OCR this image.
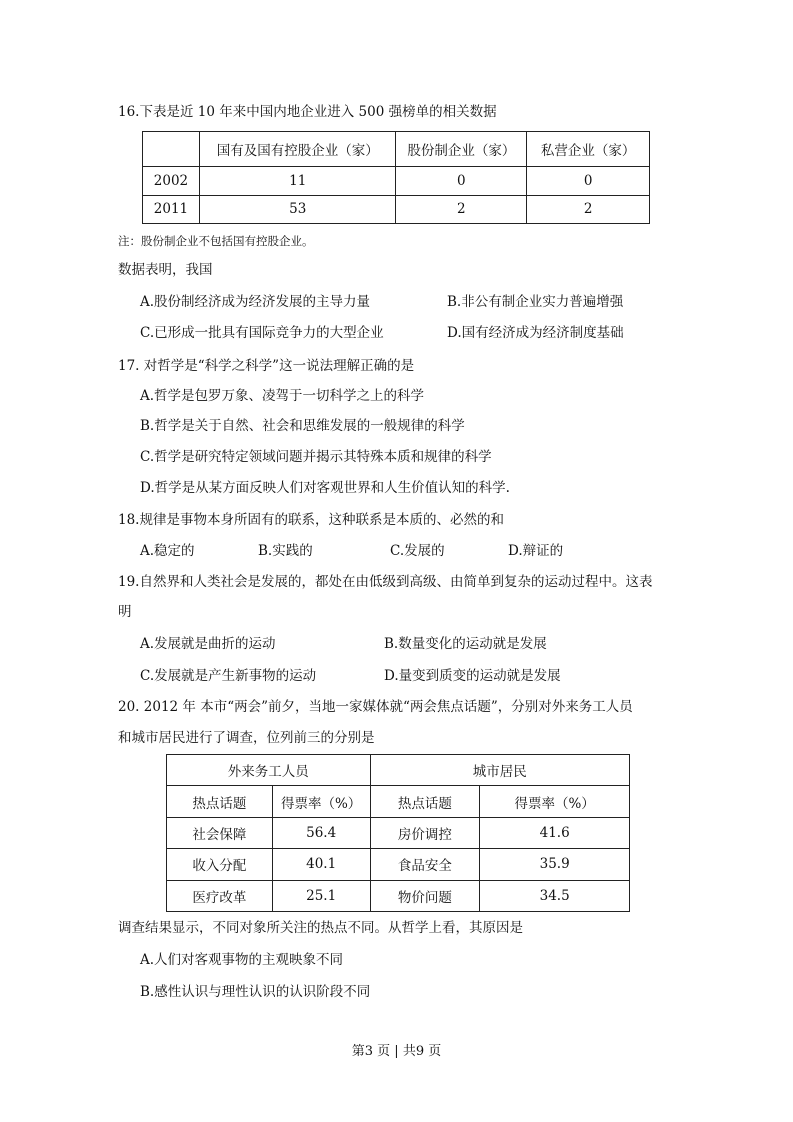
16.下表是近 10 年来中国内地企业进入 500 强榜单的相关数据
	国有及国有控股企业（家）	股份制企业（家）	私营企业（家）
2002	11	0	0
2011	53	2	2
注：股份制企业不包括国有控股企业。
数据表明，我国
A.股份制经济成为经济发展的主导力量	B.非公有制企业实力普遍增强
C.已形成一批具有国际竞争力的大型企业	D.国有经济成为经济制度基础
17. 对哲学是“科学之科学”这一说法理解正确的是
A.哲学是包罗万象、凌驾于一切科学之上的科学
B.哲学是关于自然、社会和思维发展的一般规律的科学
C.哲学是研究特定领域问题并揭示其特殊本质和规律的科学
D.哲学是从某方面反映人们对客观世界和人生价值认知的科学.
18.规律是事物本身所固有的联系，这种联系是本质的、必然的和
A.稳定的	B.实践的	C.发展的	D.辩证的
19.自然界和人类社会是发展的，都处在由低级到高级、由简单到复杂的运动过程中。这表
明
A.发展就是曲折的运动	B.数量变化的运动就是发展
C.发展就是产生新事物的运动	D.量变到质变的运动就是发展
20. 2012 年 本市“两会”前夕，当地一家媒体就“两会焦点话题”，分别对外来务工人员
和城市居民进行了调查，位列前三的分别是
外来务工人员		城市居民	
热点话题	得票率（%）	热点话题	得票率（%）
社会保障	56.4	房价调控	41.6
收入分配	40.1	食品安全	35.9
医疗改革	25.1	物价问题	34.5
调查结果显示，不同对象所关注的热点不同。从哲学上看，其原因是
A.人们对客观事物的主观映象不同
B.感性认识与理性认识的认识阶段不同
第3 页 | 共9 页
